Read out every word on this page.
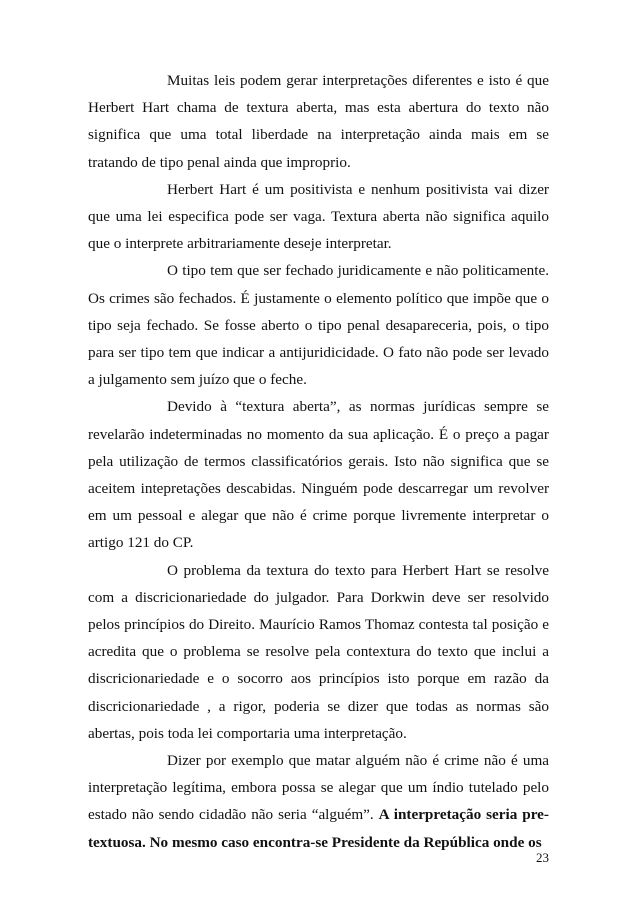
Muitas leis podem gerar interpretações diferentes e isto é que Herbert Hart chama de textura aberta, mas esta abertura do texto não significa que uma total liberdade na interpretação ainda mais em se tratando de tipo penal ainda que improprio.

Herbert Hart é um positivista e nenhum positivista vai dizer que uma lei especifica pode ser vaga. Textura aberta não significa aquilo que o interprete arbitrariamente deseje interpretar.

O tipo tem que ser fechado juridicamente e não politicamente. Os crimes são fechados. É justamente o elemento político que impõe que o tipo seja fechado. Se fosse aberto o tipo penal desapareceria, pois, o tipo para ser tipo tem que indicar a antijuridicidade. O fato não pode ser levado a julgamento sem juízo que o feche.

Devido à “textura aberta”, as normas jurídicas sempre se revelarão indeterminadas no momento da sua aplicação. É o preço a pagar pela utilização de termos classificatórios gerais. Isto não significa que se aceitem intepretações descabidas. Ninguém pode descarregar um revolver em um pessoal e alegar que não é crime porque livremente interpretar o artigo 121 do CP.

O problema da textura do texto para Herbert Hart se resolve com a discricionariedade do julgador. Para Dorkwin deve ser resolvido pelos princípios do Direito. Maurício Ramos Thomaz contesta tal posição e acredita que o problema se resolve pela contextura do texto que inclui a discricionariedade e o socorro aos princípios isto porque em razão da discricionariedade , a rigor, poderia se dizer que todas as normas são abertas, pois toda lei comportaria uma interpretação.

Dizer por exemplo que matar alguém não é crime não é uma interpretação legítima, embora possa se alegar que um índio tutelado pelo estado não sendo cidadão não seria “alguém”. A interpretação seria pre-textuosa. No mesmo caso encontra-se Presidente da República onde os

23
